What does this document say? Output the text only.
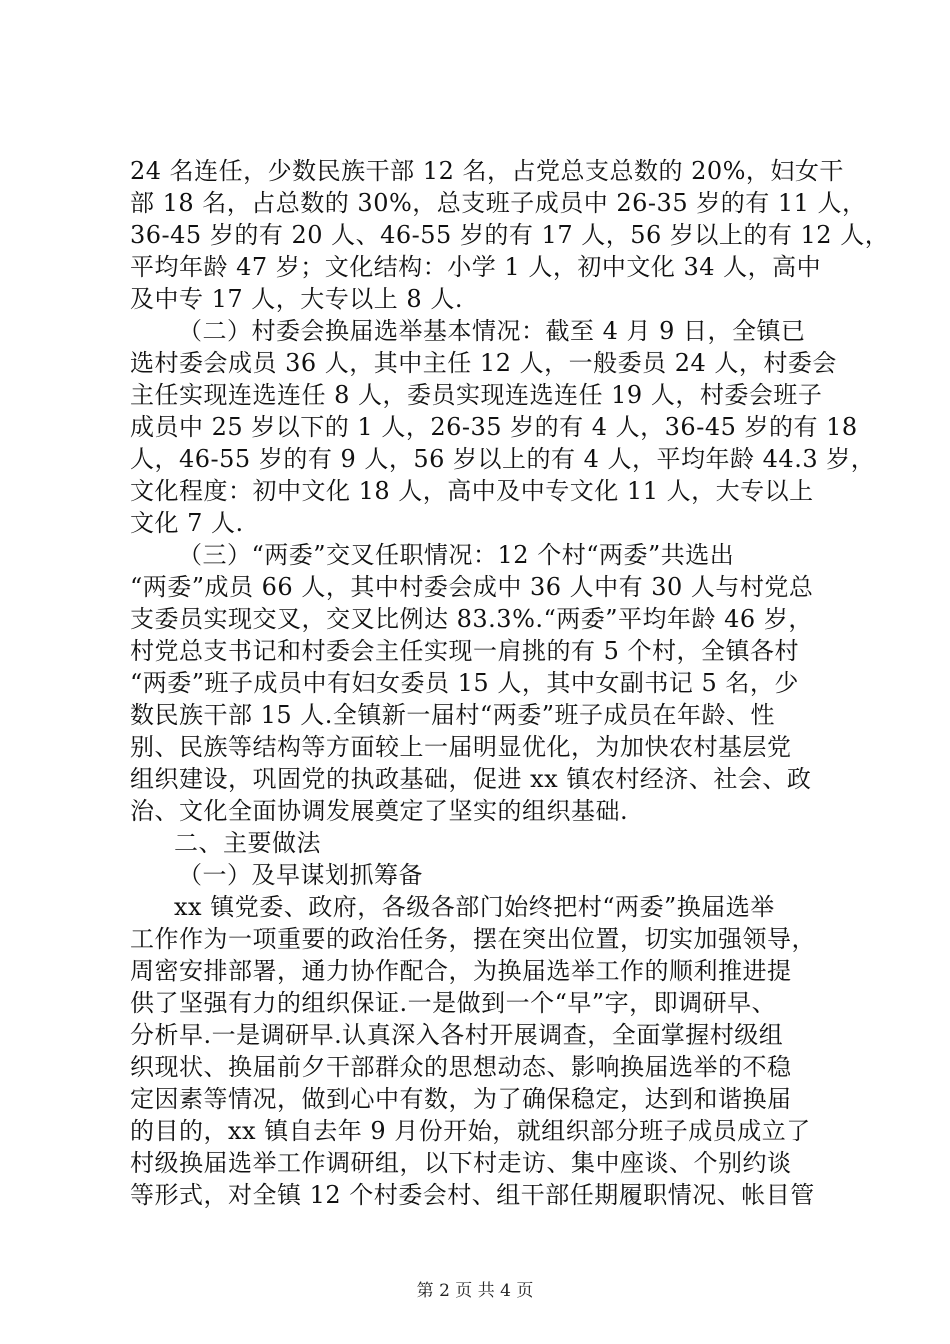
24 名连任，少数民族干部 12 名，占党总支总数的 20%，妇女干
部 18 名，占总数的 30%，总支班子成员中 26-35 岁的有 11 人，
36-45 岁的有 20 人、46-55 岁的有 17 人，56 岁以上的有 12 人，
平均年龄 47 岁；文化结构：小学 1 人，初中文化 34 人，高中
及中专 17 人，大专以上 8 人.
（二）村委会换届选举基本情况：截至 4 月 9 日，全镇已
选村委会成员 36 人，其中主任 12 人，一般委员 24 人，村委会
主任实现连选连任 8 人，委员实现连选连任 19 人，村委会班子
成员中 25 岁以下的 1 人，26-35 岁的有 4 人，36-45 岁的有 18
人，46-55 岁的有 9 人，56 岁以上的有 4 人，平均年龄 44.3 岁，
文化程度：初中文化 18 人，高中及中专文化 11 人，大专以上
文化 7 人.
（三）“两委”交叉任职情况：12 个村“两委”共选出
“两委”成员 66 人，其中村委会成中 36 人中有 30 人与村党总
支委员实现交叉，交叉比例达 83.3%.“两委”平均年龄 46 岁，
村党总支书记和村委会主任实现一肩挑的有 5 个村，全镇各村
“两委”班子成员中有妇女委员 15 人，其中女副书记 5 名，少
数民族干部 15 人.全镇新一届村“两委”班子成员在年龄、性
别、民族等结构等方面较上一届明显优化，为加快农村基层党
组织建设，巩固党的执政基础，促进 xx 镇农村经济、社会、政
治、文化全面协调发展奠定了坚实的组织基础.
二、主要做法
（一）及早谋划抓筹备
xx 镇党委、政府，各级各部门始终把村“两委”换届选举
工作作为一项重要的政治任务，摆在突出位置，切实加强领导，
周密安排部署，通力协作配合，为换届选举工作的顺利推进提
供了坚强有力的组织保证.一是做到一个“早”字，即调研早、
分析早.一是调研早.认真深入各村开展调查，全面掌握村级组
织现状、换届前夕干部群众的思想动态、影响换届选举的不稳
定因素等情况，做到心中有数，为了确保稳定，达到和谐换届
的目的，xx 镇自去年 9 月份开始，就组织部分班子成员成立了
村级换届选举工作调研组，以下村走访、集中座谈、个别约谈
等形式，对全镇 12 个村委会村、组干部任期履职情况、帐目管
第 2 页 共 4 页
